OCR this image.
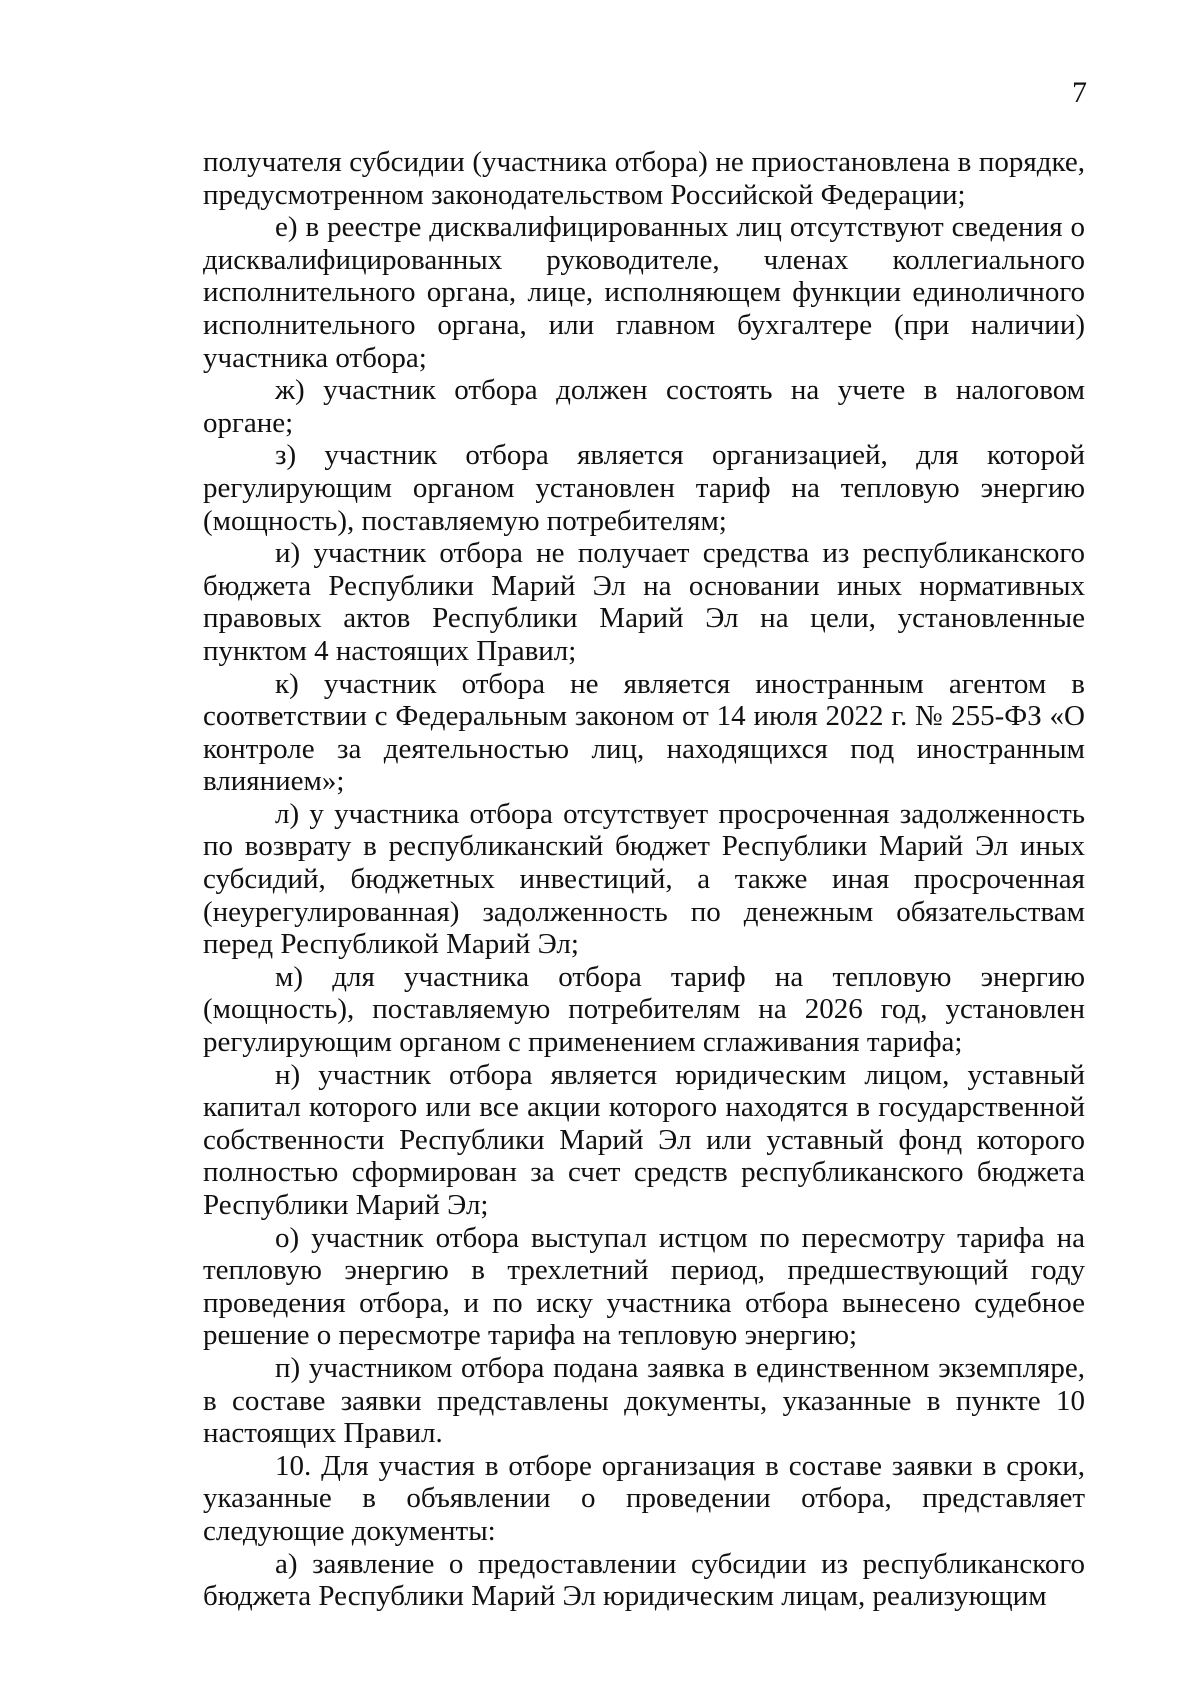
7

получателя субсидии (участника отбора) не приостановлена в порядке, предусмотренном законодательством Российской Федерации;

е) в реестре дисквалифицированных лиц отсутствуют сведения о дисквалифицированных руководителе, членах коллегиального исполнительного органа, лице, исполняющем функции единоличного исполнительного органа, или главном бухгалтере (при наличии) участника отбора;

ж) участник отбора должен состоять на учете в налоговом органе;

з) участник отбора является организацией, для которой регулирующим органом установлен тариф на тепловую энергию (мощность), поставляемую потребителям;

и) участник отбора не получает средства из республиканского бюджета Республики Марий Эл на основании иных нормативных правовых актов Республики Марий Эл на цели, установленные пунктом 4 настоящих Правил;

к) участник отбора не является иностранным агентом в соответствии с Федеральным законом от 14 июля 2022 г. № 255-ФЗ «О контроле за деятельностью лиц, находящихся под иностранным влиянием»;

л) у участника отбора отсутствует просроченная задолженность по возврату в республиканский бюджет Республики Марий Эл иных субсидий, бюджетных инвестиций, а также иная просроченная (неурегулированная) задолженность по денежным обязательствам перед Республикой Марий Эл;

м) для участника отбора тариф на тепловую энергию (мощность), поставляемую потребителям на 2026 год, установлен регулирующим органом с применением сглаживания тарифа;

н) участник отбора является юридическим лицом, уставный капитал которого или все акции которого находятся в государственной собственности Республики Марий Эл или уставный фонд которого полностью сформирован за счет средств республиканского бюджета Республики Марий Эл;

о) участник отбора выступал истцом по пересмотру тарифа на тепловую энергию в трехлетний период, предшествующий году проведения отбора, и по иску участника отбора вынесено судебное решение о пересмотре тарифа на тепловую энергию;

п) участником отбора подана заявка в единственном экземпляре, в составе заявки представлены документы, указанные в пункте 10 настоящих Правил.

10. Для участия в отборе организация в составе заявки в сроки, указанные в объявлении о проведении отбора, представляет следующие документы:

а) заявление о предоставлении субсидии из республиканского бюджета Республики Марий Эл юридическим лицам, реализующим
